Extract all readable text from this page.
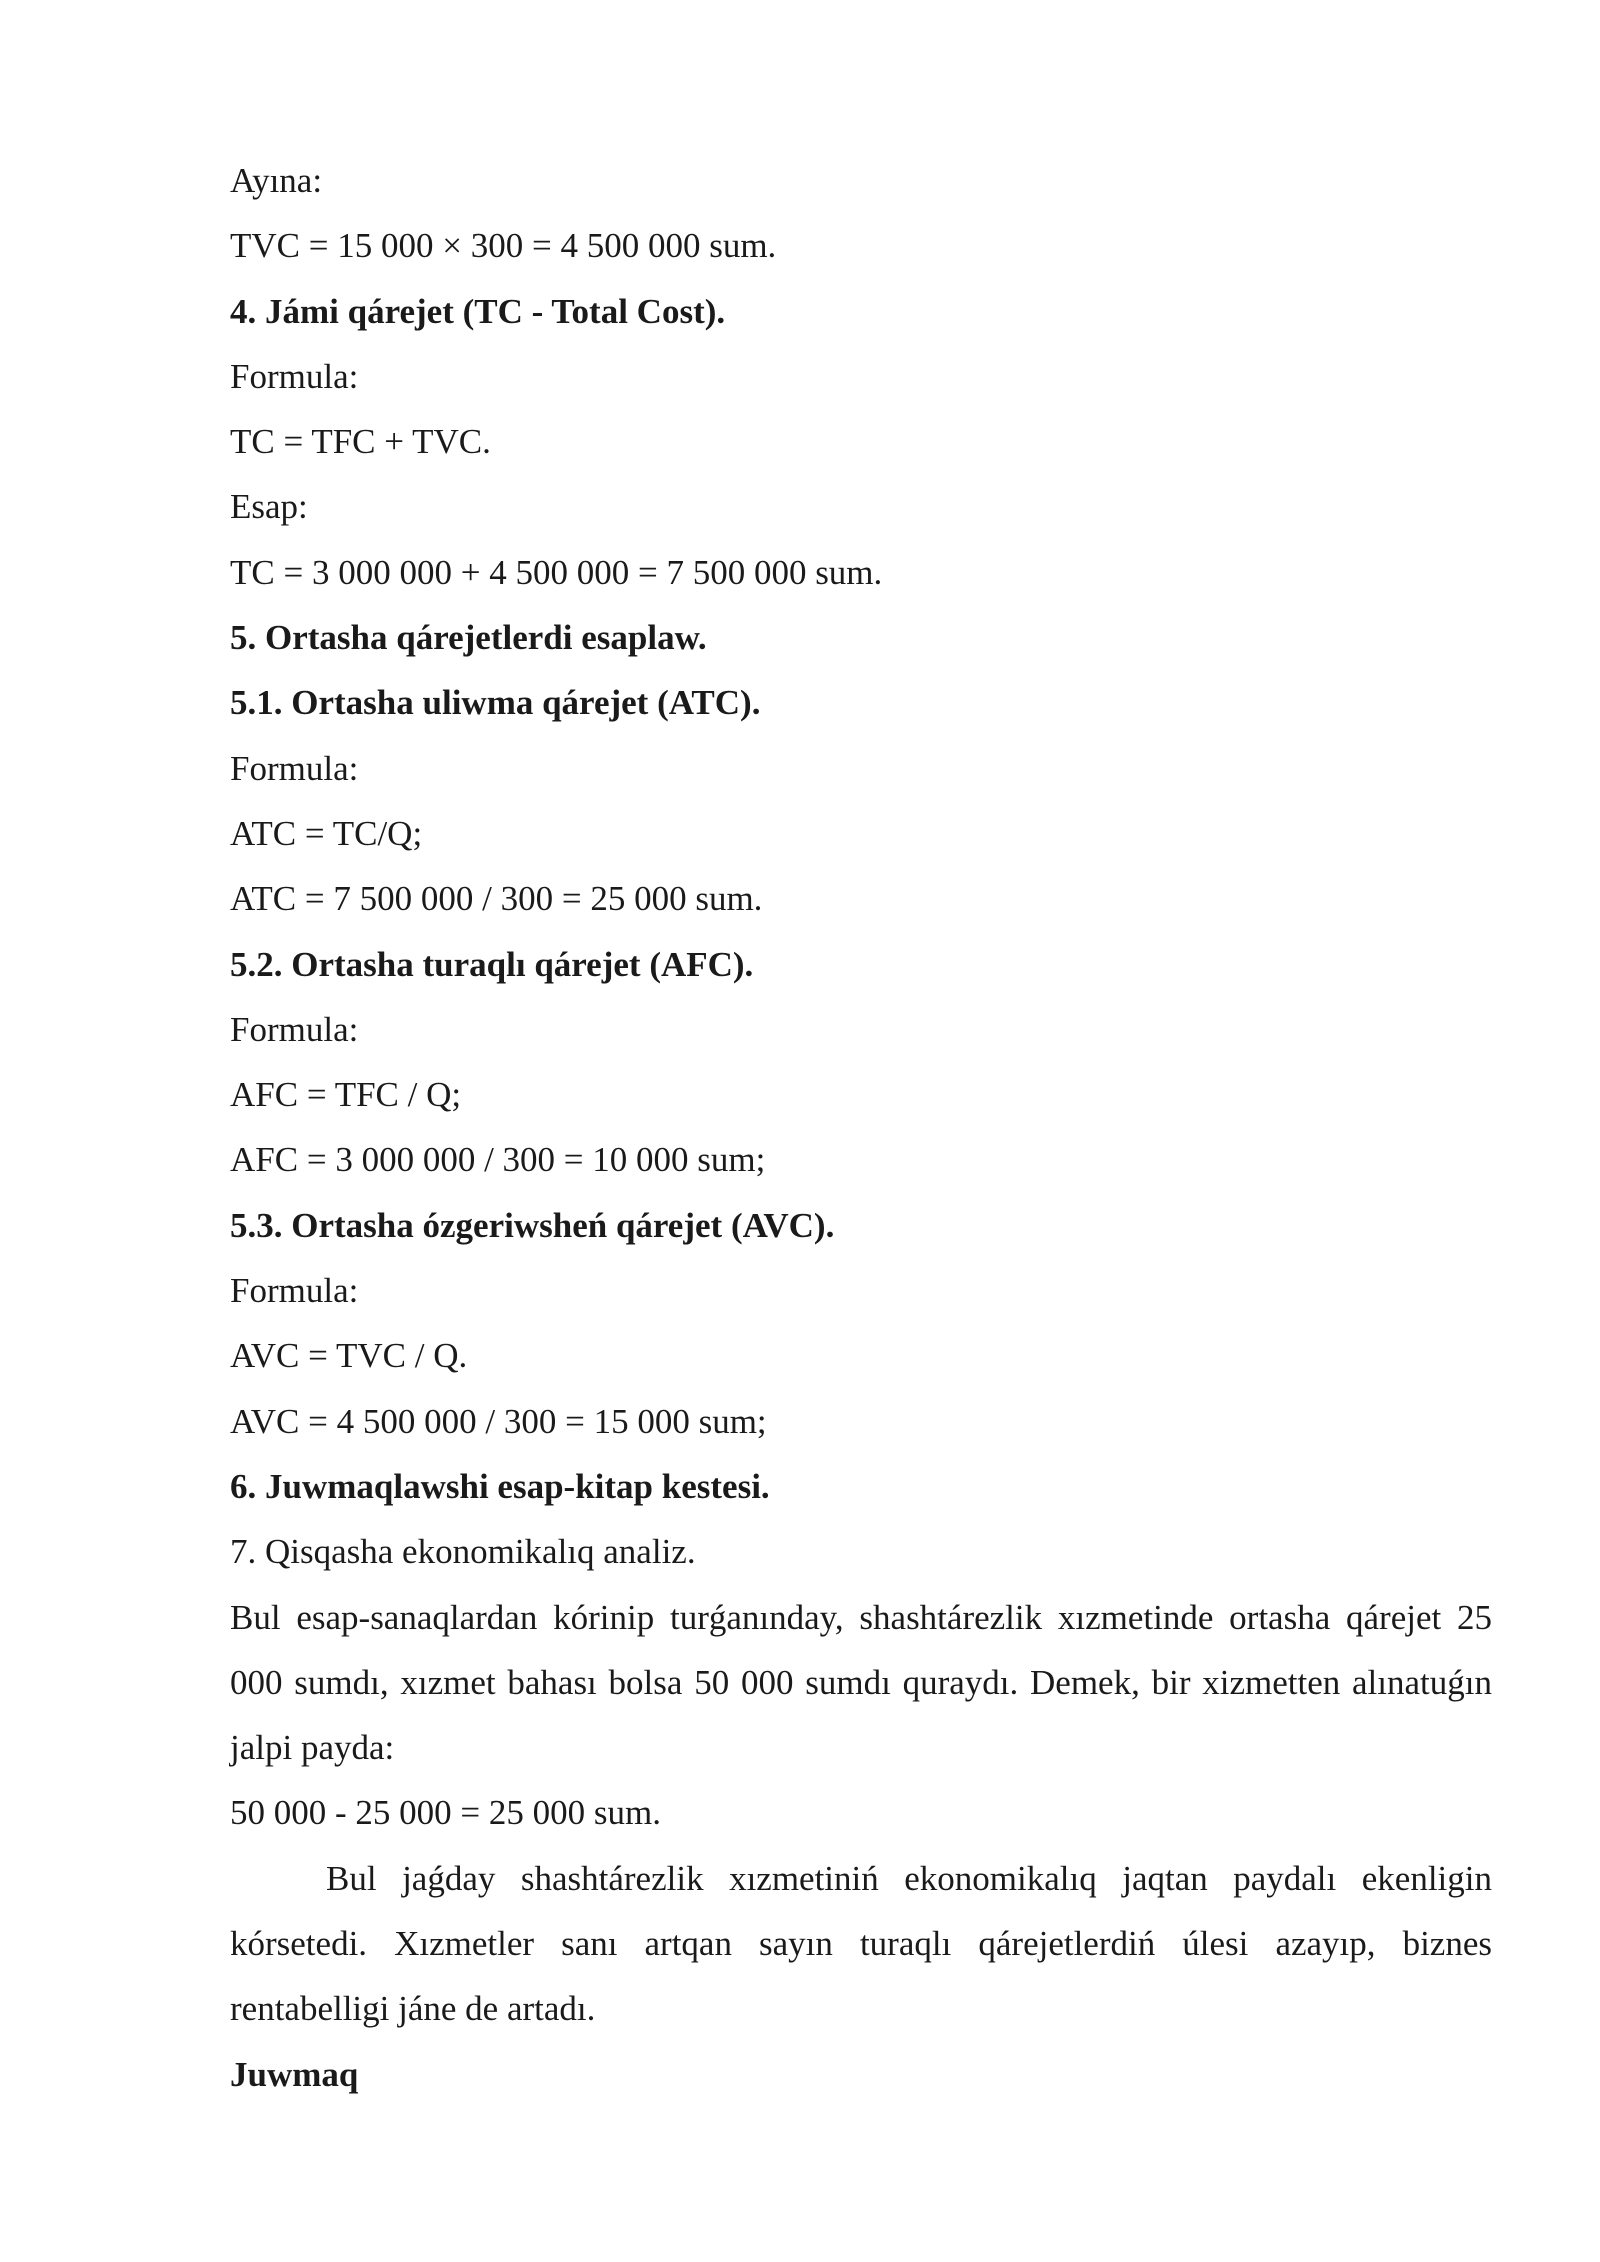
Ayına:
TVC = 15 000 × 300 = 4 500 000 sum.
4. Jámi qárejet (TC - Total Cost).
Formula:
TC = TFC + TVC.
Esap:
TC = 3 000 000 + 4 500 000 = 7 500 000 sum.
5. Ortasha qárejetlerdi esaplaw.
5.1. Ortasha uliwma qárejet (ATC).
Formula:
ATC = TC/Q;
ATC = 7 500 000 / 300 = 25 000 sum.
5.2. Ortasha turaqlı qárejet (AFC).
Formula:
AFC = TFC / Q;
AFC = 3 000 000 / 300 = 10 000 sum;
5.3. Ortasha ózgeriwsheń qárejet (AVC).
Formula:
AVC = TVC / Q.
AVC = 4 500 000 / 300 = 15 000 sum;
6. Juwmaqlawshi esap-kitap kestesi.
7. Qisqasha ekonomikalıq analiz.

Bul esap-sanaqlardan kórinip turǵanınday, shashtárezlik xızmetinde ortasha qárejet 25 000 sumdı, xızmet bahası bolsa 50 000 sumdı quraydı. Demek, bir xizmetten alınatuǵın jalpi payda:

50 000 - 25 000 = 25 000 sum.

Bul jaǵday shashtárezlik xızmetiniń ekonomikalıq jaqtan paydalı ekenligin kórsetedi. Xızmetler sanı artqan sayın turaqlı qárejetlerdiń úlesi azayıp, biznes rentabelligi jáne de artadı.

Juwmaq
